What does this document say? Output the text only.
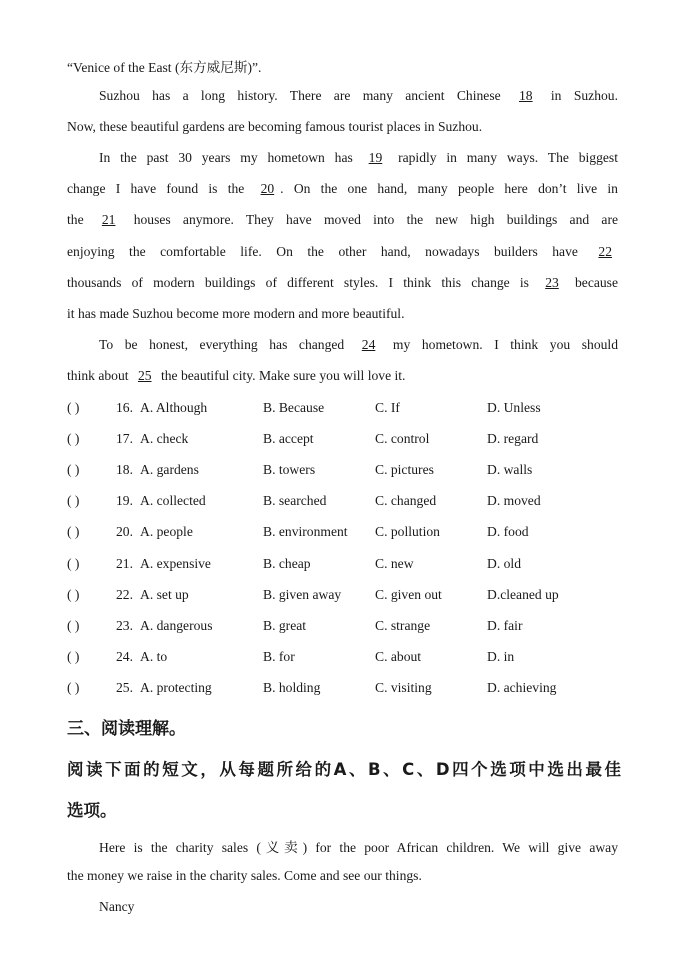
“Venice of the East (东方威尼斯)”.
Suzhou has a long history. There are many ancient Chinese 18 in Suzhou.
Now, these beautiful gardens are becoming famous tourist places in Suzhou.
In the past 30 years my hometown has 19 rapidly in many ways. The biggest
change I have found is the 20 . On the one hand, many people here don’t live in
the 21 houses anymore. They have moved into the new high buildings and are
enjoying the comfortable life. On the other hand, nowadays builders have 22
thousands of modern buildings of different styles. I think this change is 23 because
it has made Suzhou become more modern and more beautiful.
To be honest, everything has changed 24 my hometown. I think you should
think about 25 the beautiful city. Make sure you will love it.
( )	16. A. Although	B. Because	C. If	D. Unless
( )	17. A. check	B. accept	C. control	D. regard
( )	18. A. gardens	B. towers	C. pictures	D. walls
( )	19. A. collected	B. searched	C. changed	D. moved
( )	20. A. people	B. environment C. pollution	D. food
( )	21. A. expensive	B. cheap	C. new	D. old
( )	22. A. set up	B. given away C. given out	D.cleaned up
( )	23. A. dangerous	B. great	C. strange	D. fair
( )	24. A. to	B. for	C. about	D. in
( )	25. A. protecting	B. holding	C. visiting	D. achieving
三、阅读理解。
阅读下面的短文，从每题所给的A、B、C、D四个选项中选出最佳
选项。
Here is the charity sales (义卖) for the poor African children. We will give away
the money we raise in the charity sales. Come and see our things.
Nancy
